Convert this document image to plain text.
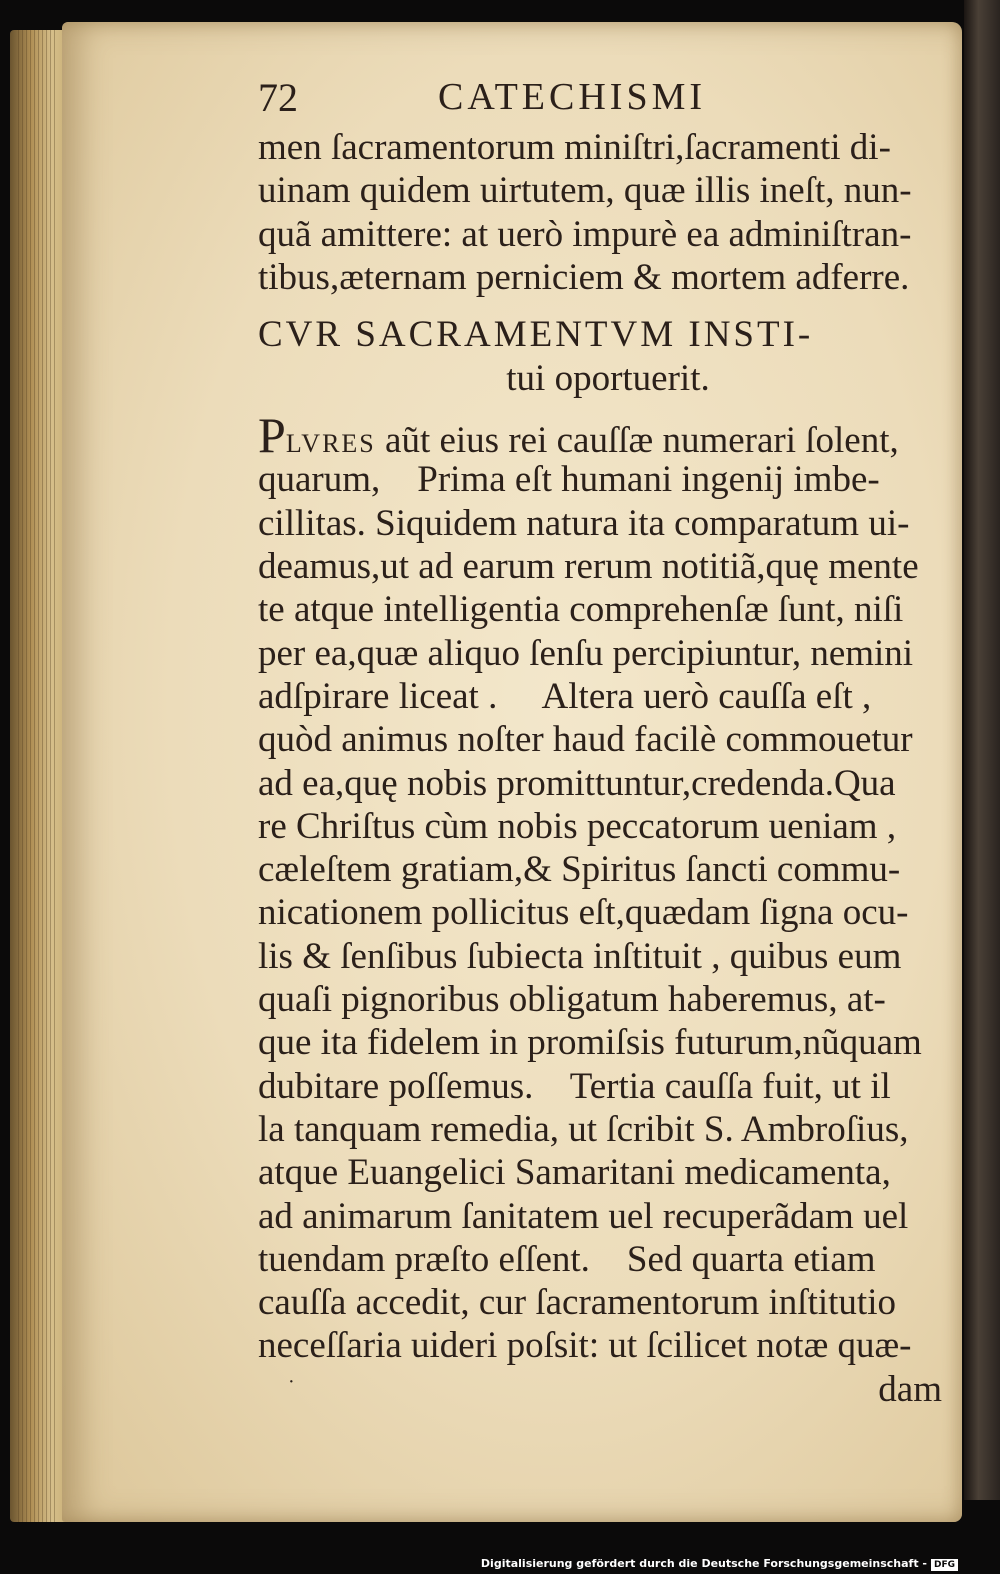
72	CATECHISMI
men ſacramentorum miniſtri,ſacramenti di-
uinam quidem uirtutem, quæ illis ineſt, nun-
quã amittere: at uerò impurè ea adminiſtran-
tibus,æternam perniciem & mortem adferre.
CVR SACRAMENTVM INSTI-
tui oportuerit.
PLVRES aũt eius rei cauſſæ numerari ſolent,
quarum,    Prima eſt humani ingenij imbe-
cillitas. Siquidem natura ita comparatum ui-
deamus,ut ad earum rerum notitiã,quę mente
te atque intelligentia comprehenſæ ſunt, niſi
per ea,quæ aliquo ſenſu percipiuntur, nemini
adſpirare liceat .     Altera uerò cauſſa eſt ,
quòd animus noſter haud facilè commouetur
ad ea,quę nobis promittuntur,credenda.Qua
re Chriſtus cùm nobis peccatorum ueniam ,
cæleſtem gratiam,& Spiritus ſancti commu-
nicationem pollicitus eſt,quædam ſigna ocu-
lis & ſenſibus ſubiecta inſtituit , quibus eum
quaſi pignoribus obligatum haberemus, at-
que ita fidelem in promiſsis futurum,nũquam
dubitare poſſemus.    Tertia cauſſa fuit, ut il
la tanquam remedia, ut ſcribit S. Ambroſius,
atque Euangelici Samaritani medicamenta,
ad animarum ſanitatem uel recuperãdam uel
tuendam præſto eſſent.    Sed quarta etiam
cauſſa accedit, cur ſacramentorum inſtitutio
neceſſaria uideri poſsit: ut ſcilicet notæ quæ-
·	dam
Digitalisierung gefördert durch die Deutsche Forschungsgemeinschaft - DFG
